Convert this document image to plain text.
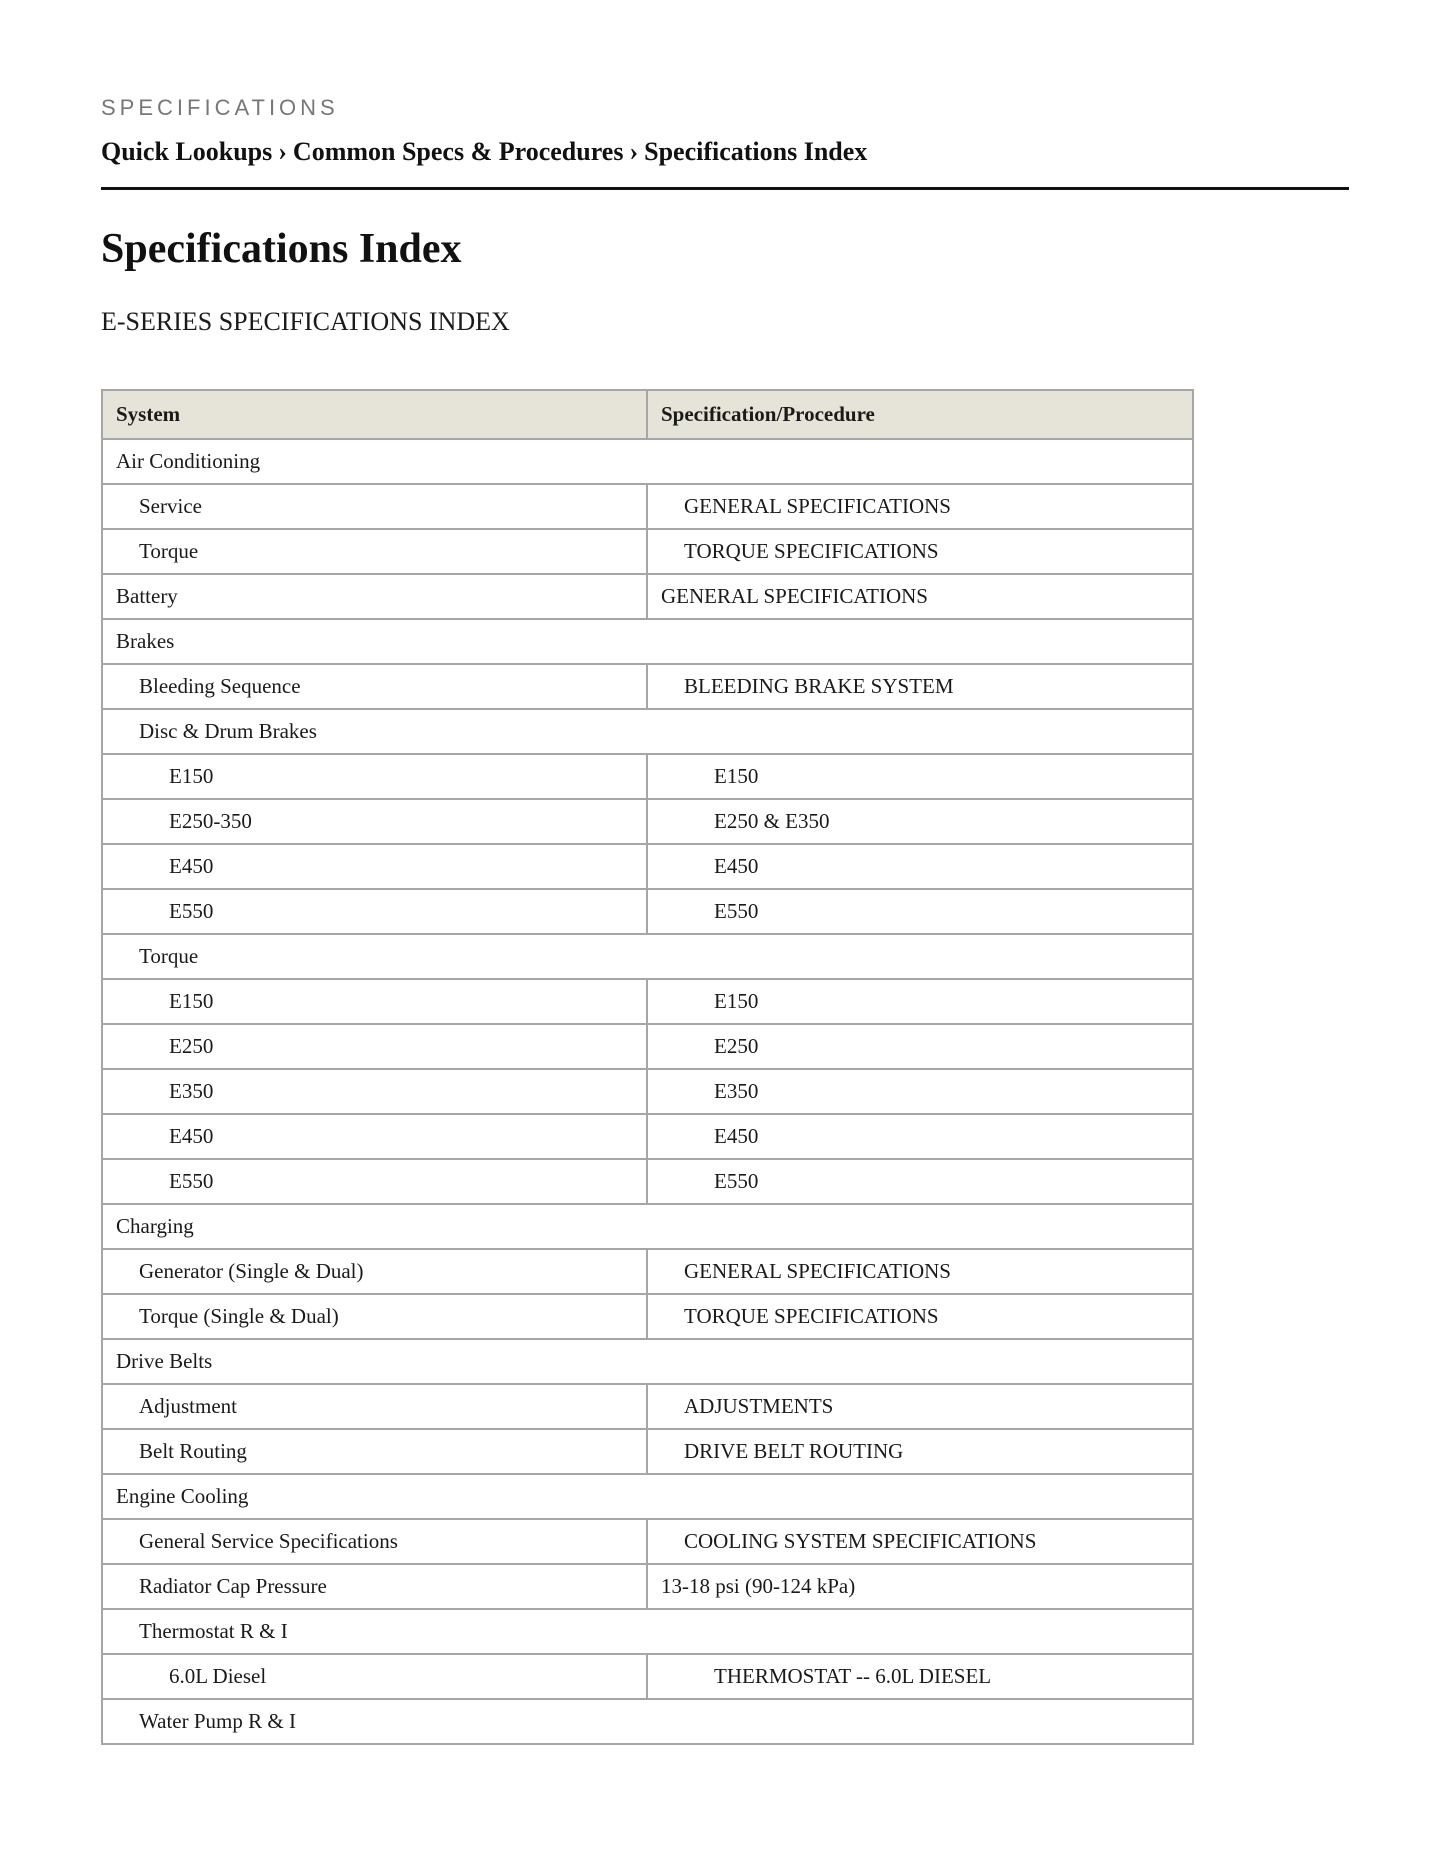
SPECIFICATIONS
Quick Lookups › Common Specs & Procedures › Specifications Index
Specifications Index
E-SERIES SPECIFICATIONS INDEX
System	Specification/Procedure
Air Conditioning	
Service	GENERAL SPECIFICATIONS
Torque	TORQUE SPECIFICATIONS
Battery	GENERAL SPECIFICATIONS
Brakes	
Bleeding Sequence	BLEEDING BRAKE SYSTEM
Disc & Drum Brakes	
E150	E150
E250-350	E250 & E350
E450	E450
E550	E550
Torque	
E150	E150
E250	E250
E350	E350
E450	E450
E550	E550
Charging	
Generator (Single & Dual)	GENERAL SPECIFICATIONS
Torque (Single & Dual)	TORQUE SPECIFICATIONS
Drive Belts	
Adjustment	ADJUSTMENTS
Belt Routing	DRIVE BELT ROUTING
Engine Cooling	
General Service Specifications	COOLING SYSTEM SPECIFICATIONS
Radiator Cap Pressure	13-18 psi (90-124 kPa)
Thermostat R & I	
6.0L Diesel	THERMOSTAT -- 6.0L DIESEL
Water Pump R & I	
